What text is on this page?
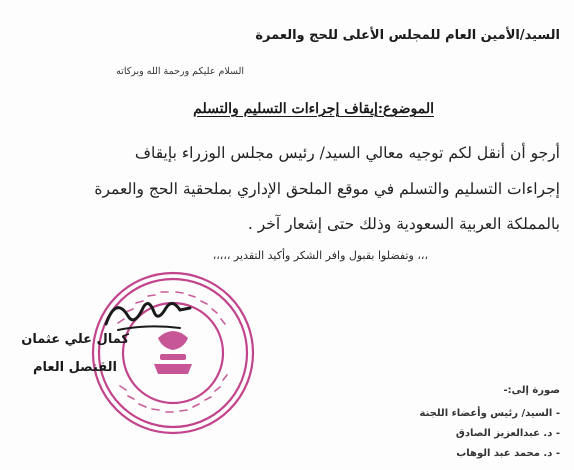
السيد/الأمين العام للمجلس الأعلى للحج والعمرة
السلام عليكم ورحمة الله وبركاته
الموضوع:إيقاف إجراءات التسليم والتسلم
أرجو أن أنقل لكم توجيه معالي السيد/ رئيس مجلس الوزراء بإيقاف
إجراءات التسليم والتسلم في موقع الملحق الإداري بملحقية الحج والعمرة
بالمملكة العربية السعودية وذلك حتى إشعار آخر .
،،، وتفضلوا بقبول وافر الشكر وأكيد التقدير ،،،،،
كمال علي عثمان
القنصل العام
صورة إلى:-
- السيد/ رئيس وأعضاء اللجنة
- د. عبدالعزيز الصادق
- د. محمد عبد الوهاب
